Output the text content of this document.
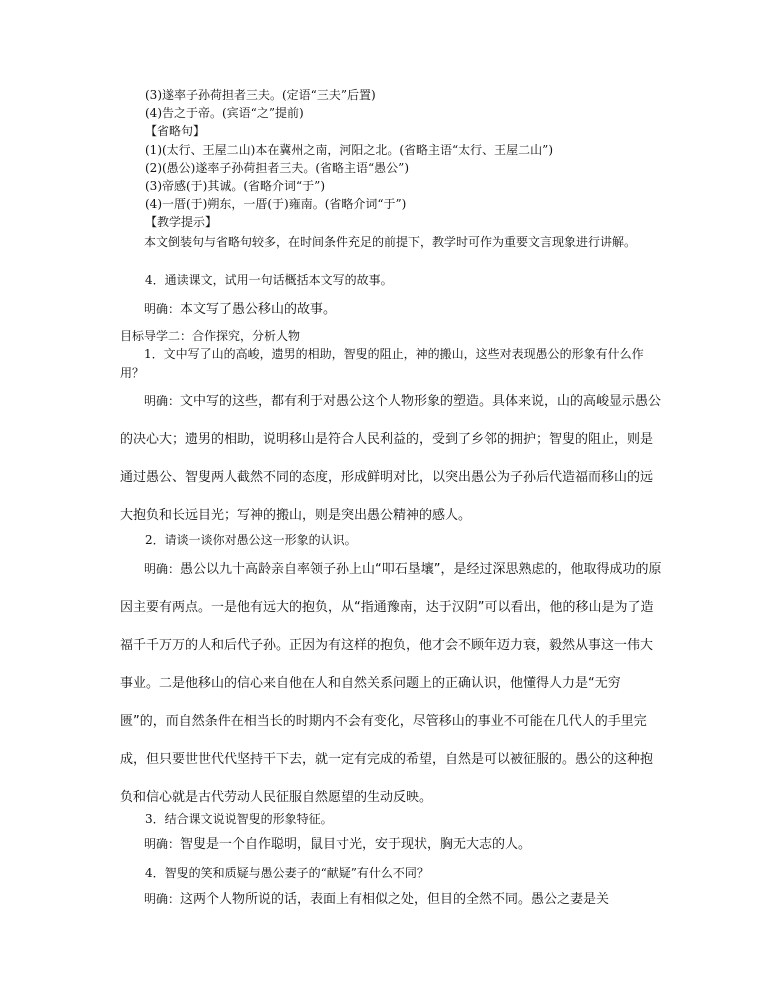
(3)遂率子孙荷担者三夫。(定语“三夫”后置)
(4)告之于帝。(宾语“之”提前)
【省略句】
(1)(太行、王屋二山)本在冀州之南，河阳之北。(省略主语“太行、王屋二山”)
(2)(愚公)遂率子孙荷担者三夫。(省略主语“愚公”)
(3)帝感(于)其诚。(省略介词“于”)
(4)一厝(于)朔东，一厝(于)雍南。(省略介词“于”)
【教学提示】
本文倒装句与省略句较多，在时间条件充足的前提下，教学时可作为重要文言现象进行讲解。
4．通读课文，试用一句话概括本文写的故事。
明确：本文写了愚公移山的故事。
目标导学二：合作探究，分析人物
1．文中写了山的高峻，遗男的相助，智叟的阻止，神的搬山，这些对表现愚公的形象有什么作用？
明确：文中写的这些，都有利于对愚公这个人物形象的塑造。具体来说，山的高峻显示愚公的决心大；遗男的相助，说明移山是符合人民利益的，受到了乡邻的拥护；智叟的阻止，则是通过愚公、智叟两人截然不同的态度，形成鲜明对比，以突出愚公为子孙后代造福而移山的远大抱负和长远目光；写神的搬山，则是突出愚公精神的感人。
2．请谈一谈你对愚公这一形象的认识。
明确：愚公以九十高龄亲自率领子孙上山“叩石垦壤”，是经过深思熟虑的，他取得成功的原因主要有两点。一是他有远大的抱负，从“指通豫南，达于汉阴”可以看出，他的移山是为了造福千千万万的人和后代子孙。正因为有这样的抱负，他才会不顾年迈力衰，毅然从事这一伟大事业。二是他移山的信心来自他在人和自然关系问题上的正确认识，他懂得人力是“无穷匮”的，而自然条件在相当长的时期内不会有变化，尽管移山的事业不可能在几代人的手里完成，但只要世世代代坚持干下去，就一定有完成的希望，自然是可以被征服的。愚公的这种抱负和信心就是古代劳动人民征服自然愿望的生动反映。
3．结合课文说说智叟的形象特征。
明确：智叟是一个自作聪明，鼠目寸光，安于现状，胸无大志的人。
4．智叟的笑和质疑与愚公妻子的“献疑”有什么不同？
明确：这两个人物所说的话，表面上有相似之处，但目的全然不同。愚公之妻是关
